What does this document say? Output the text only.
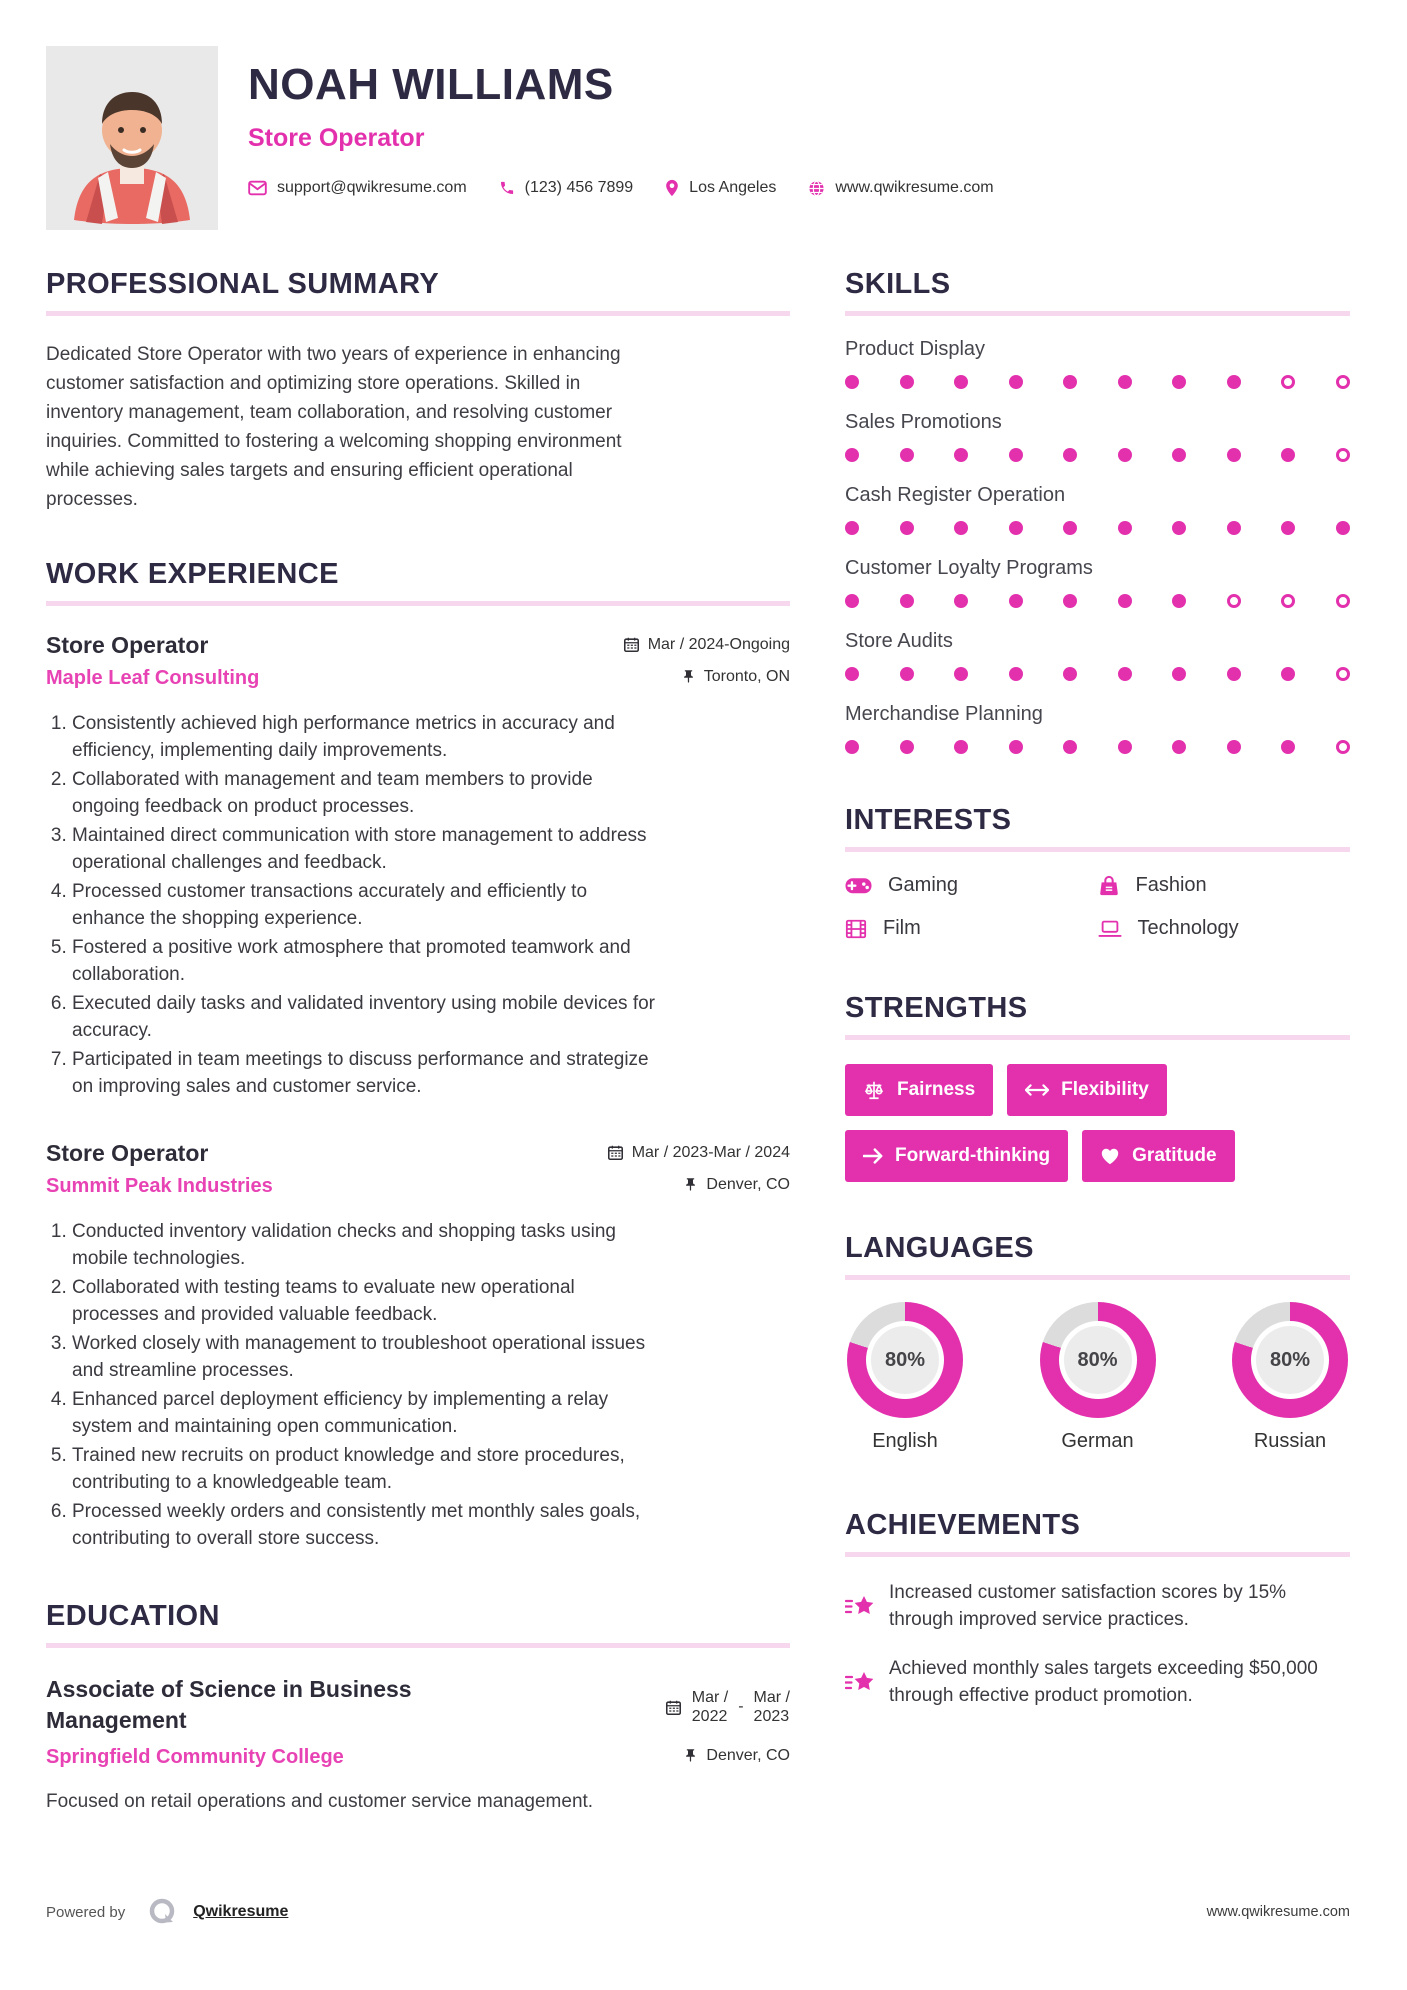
NOAH WILLIAMS
Store Operator
support@qwikresume.com	(123) 456 7899	Los Angeles	www.qwikresume.com
PROFESSIONAL SUMMARY

Dedicated Store Operator with two years of experience in enhancing customer satisfaction and optimizing store operations. Skilled in inventory management, team collaboration, and resolving customer inquiries. Committed to fostering a welcoming shopping environment while achieving sales targets and ensuring efficient operational processes.

WORK EXPERIENCE
Store Operator	Mar / 2024-Ongoing
Maple Leaf Consulting	Toronto, ON
1. Consistently achieved high performance metrics in accuracy and efficiency, implementing daily improvements.
2. Collaborated with management and team members to provide ongoing feedback on product processes.
3. Maintained direct communication with store management to address operational challenges and feedback.
4. Processed customer transactions accurately and efficiently to enhance the shopping experience.
5. Fostered a positive work atmosphere that promoted teamwork and collaboration.
6. Executed daily tasks and validated inventory using mobile devices for accuracy.
7. Participated in team meetings to discuss performance and strategize on improving sales and customer service.
Store Operator	Mar / 2023-Mar / 2024
Summit Peak Industries	Denver, CO
1. Conducted inventory validation checks and shopping tasks using mobile technologies.
2. Collaborated with testing teams to evaluate new operational processes and provided valuable feedback.
3. Worked closely with management to troubleshoot operational issues and streamline processes.
4. Enhanced parcel deployment efficiency by implementing a relay system and maintaining open communication.
5. Trained new recruits on product knowledge and store procedures, contributing to a knowledgeable team.
6. Processed weekly orders and consistently met monthly sales goals, contributing to overall store success.
EDUCATION
Associate of Science in Business Management
Mar /
2022
-
Mar /
2023
Springfield Community College	Denver, CO
Focused on retail operations and customer service management.
SKILLS
Product Display
Sales Promotions
Cash Register Operation
Customer Loyalty Programs
Store Audits
Merchandise Planning
INTERESTS
Gaming	Fashion
Film	Technology
STRENGTHS
Fairness	Flexibility
Forward-thinking	Gratitude
LANGUAGES
80%
English
80%
German
80%
Russian
ACHIEVEMENTS
Increased customer satisfaction scores by 15% through improved service practices.
Achieved monthly sales targets exceeding $50,000 through effective product promotion.
Powered by	Qwikresume	www.qwikresume.com
